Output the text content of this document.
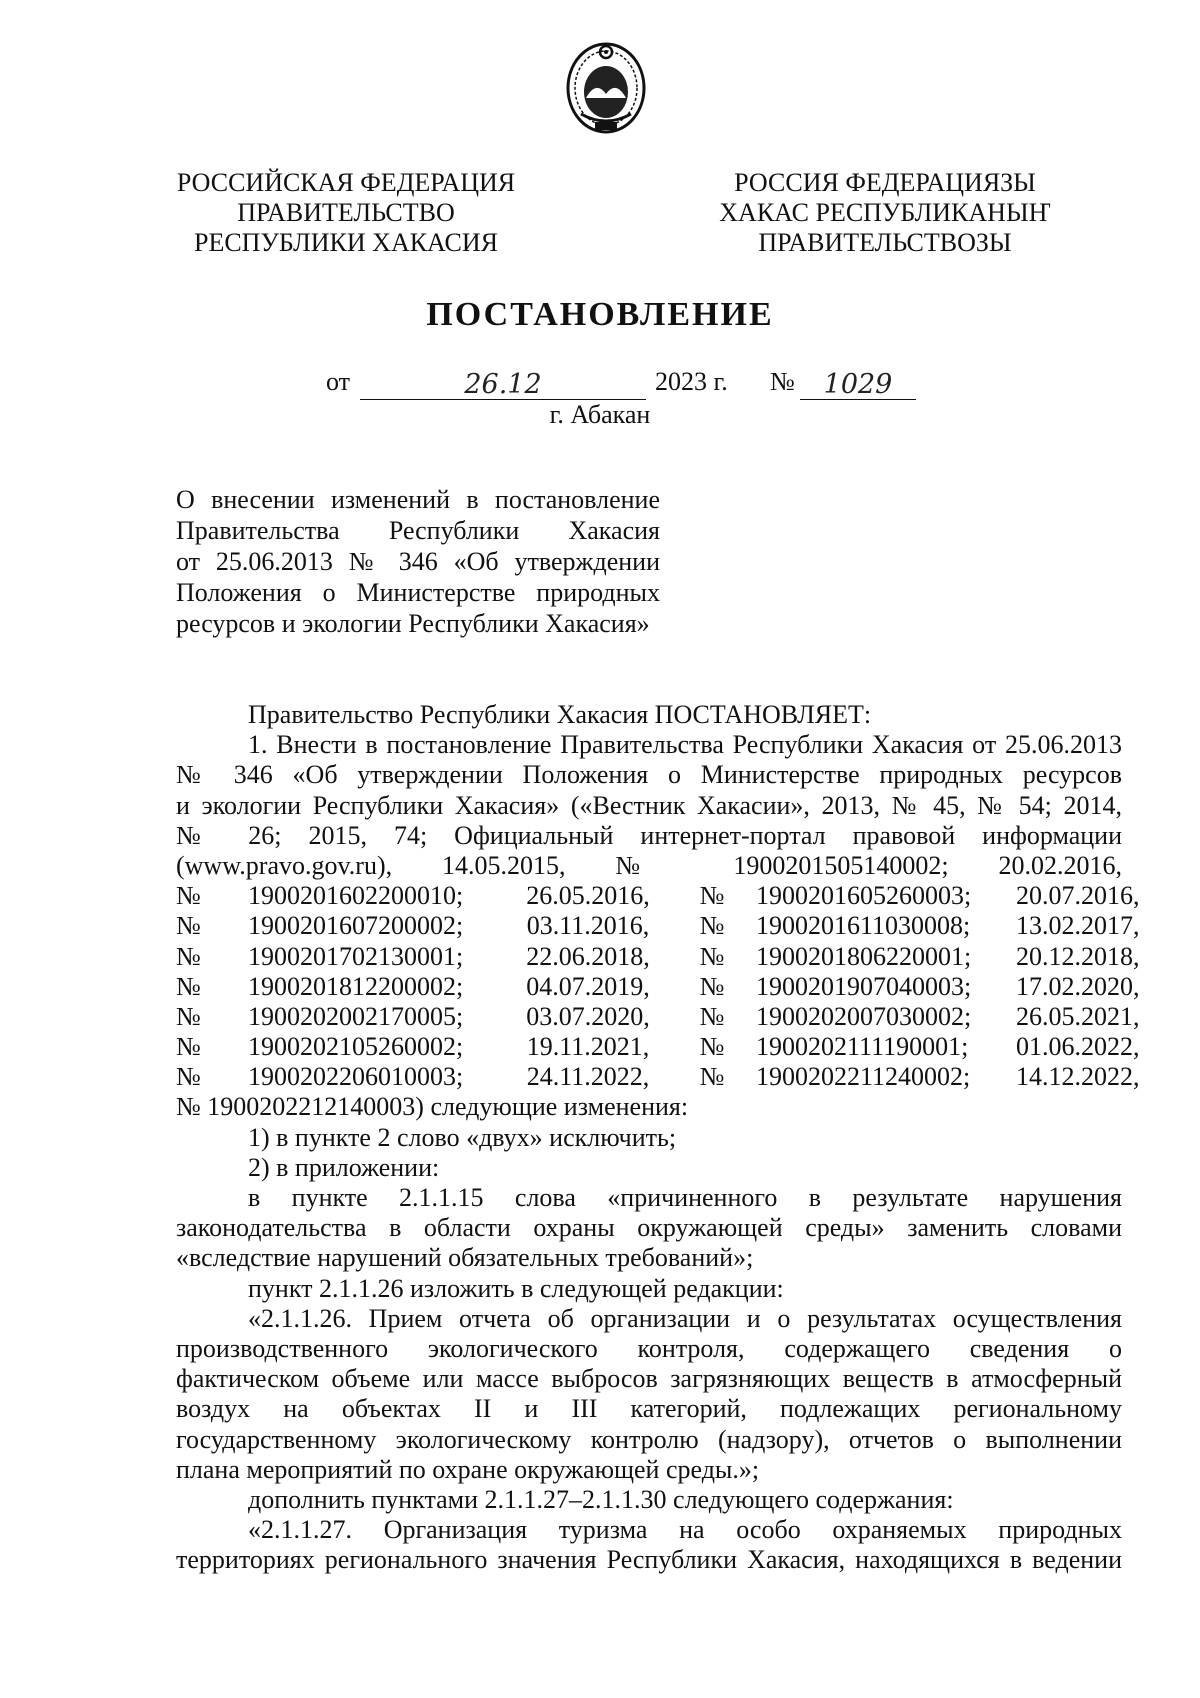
РОССИЙСКАЯ ФЕДЕРАЦИЯ
ПРАВИТЕЛЬСТВО
РЕСПУБЛИКИ ХАКАСИЯ
РОССИЯ ФЕДЕРАЦИЯЗЫ
ХАКАС РЕСПУБЛИКАНЫҤ
ПРАВИТЕЛЬСТВОЗЫ
ПОСТАНОВЛЕНИЕ
от	26.12	2023 г. №	1029
г. Абакан
О внесении изменений в постановление
Правительства Республики Хакасия
от 25.06.2013 № 346 «Об утверждении
Положения о Министерстве природных
ресурсов и экологии Республики Хакасия»
Правительство Республики Хакасия ПОСТАНОВЛЯЕТ:
1. Внести в постановление Правительства Республики Хакасия от 25.06.2013
№ 346 «Об утверждении Положения о Министерстве природных ресурсов
и экологии Республики Хакасия» («Вестник Хакасии», 2013, № 45, № 54; 2014,
№ 26; 2015, 74; Официальный интернет-портал правовой информации
(www.pravo.gov.ru), 14.05.2015, № 1900201505140002; 20.02.2016,
№	1900201602200010;	26.05.2016,	№	1900201605260003;	20.07.2016,
№	1900201607200002;	03.11.2016,	№	1900201611030008;	13.02.2017,
№	1900201702130001;	22.06.2018,	№	1900201806220001;	20.12.2018,
№	1900201812200002;	04.07.2019,	№	1900201907040003;	17.02.2020,
№	1900202002170005;	03.07.2020,	№	1900202007030002;	26.05.2021,
№	1900202105260002;	19.11.2021,	№	1900202111190001;	01.06.2022,
№	1900202206010003;	24.11.2022,	№	1900202211240002;	14.12.2022,
№ 1900202212140003) следующие изменения:
1) в пункте 2 слово «двух» исключить;
2) в приложении:
в пункте 2.1.1.15 слова «причиненного в результате нарушения
законодательства в области охраны окружающей среды» заменить словами
«вследствие нарушений обязательных требований»;
пункт 2.1.1.26 изложить в следующей редакции:
«2.1.1.26. Прием отчета об организации и о результатах осуществления
производственного экологического контроля, содержащего сведения о
фактическом объеме или массе выбросов загрязняющих веществ в атмосферный
воздух на объектах II и III категорий, подлежащих региональному
государственному экологическому контролю (надзору), отчетов о выполнении
плана мероприятий по охране окружающей среды.»;
дополнить пунктами 2.1.1.27–2.1.1.30 следующего содержания:
«2.1.1.27. Организация туризма на особо охраняемых природных
территориях регионального значения Республики Хакасия, находящихся в ведении
